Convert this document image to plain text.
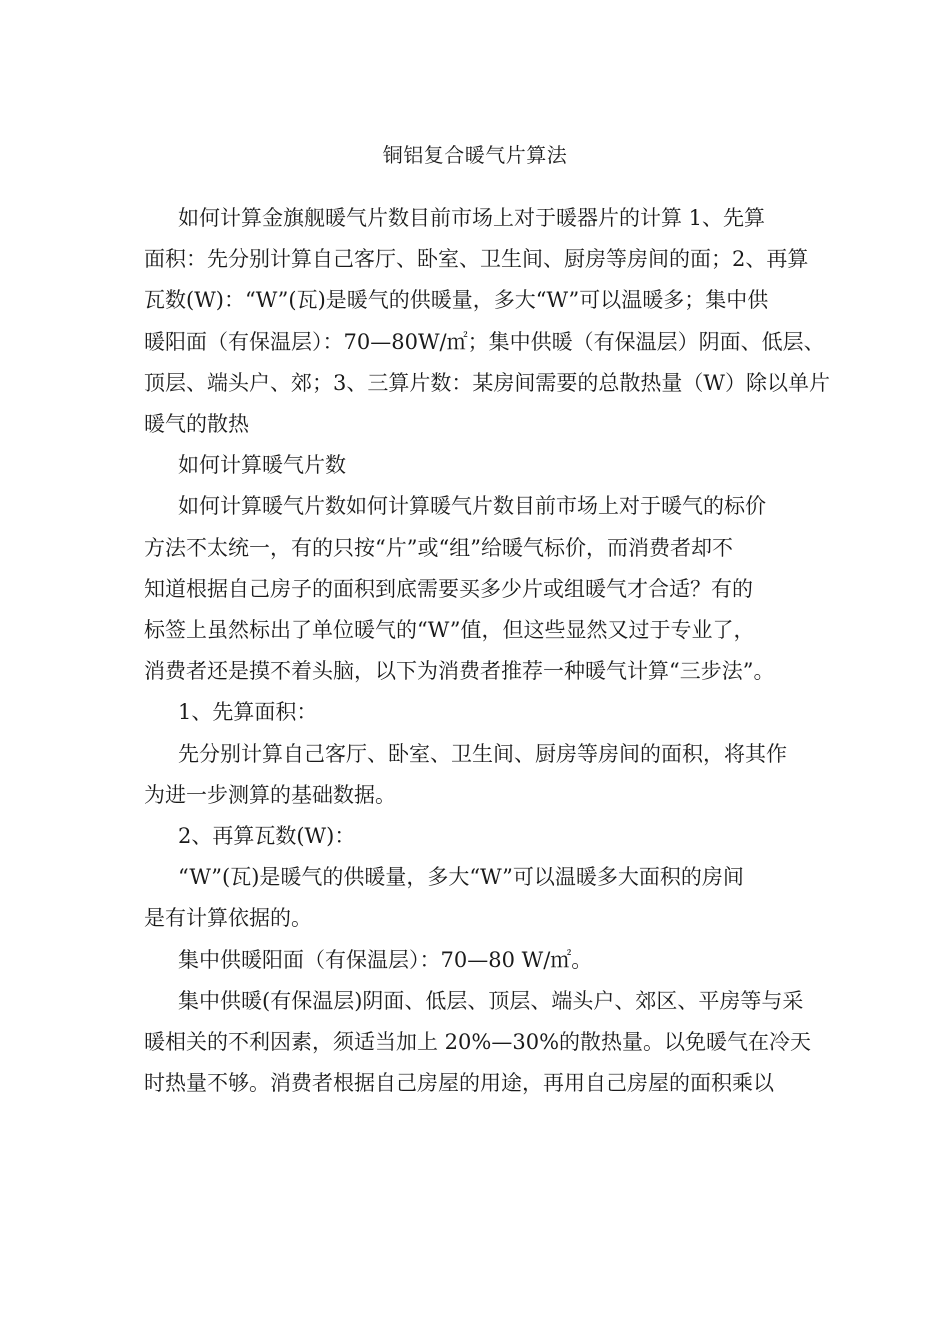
铜铝复合暖气片算法

如何计算金旗舰暖气片数目前市场上对于暖器片的计算 1、先算
面积：先分别计算自己客厅、卧室、卫生间、厨房等房间的面；2、再算
瓦数(W)：“W”(瓦)是暖气的供暖量，多大“W”可以温暖多；集中供
暖阳面（有保温层）：70—80W/㎡；集中供暖（有保温层）阴面、低层、
顶层、端头户、郊；3、三算片数：某房间需要的总散热量（W）除以单片
暖气的散热

如何计算暖气片数

如何计算暖气片数如何计算暖气片数目前市场上对于暖气的标价
方法不太统一，有的只按“片”或“组”给暖气标价，而消费者却不
知道根据自己房子的面积到底需要买多少片或组暖气才合适？有的
标签上虽然标出了单位暖气的“W”值，但这些显然又过于专业了，
消费者还是摸不着头脑，以下为消费者推荐一种暖气计算“三步法”。

1、先算面积：

先分别计算自己客厅、卧室、卫生间、厨房等房间的面积，将其作
为进一步测算的基础数据。

2、再算瓦数(W)：

“W”(瓦)是暖气的供暖量，多大“W”可以温暖多大面积的房间
是有计算依据的。

集中供暖阳面（有保温层）：70—80 W/㎡。

集中供暖(有保温层)阴面、低层、顶层、端头户、郊区、平房等与采
暖相关的不利因素，须适当加上 20%—30%的散热量。以免暖气在冷天
时热量不够。消费者根据自己房屋的用途，再用自己房屋的面积乘以
